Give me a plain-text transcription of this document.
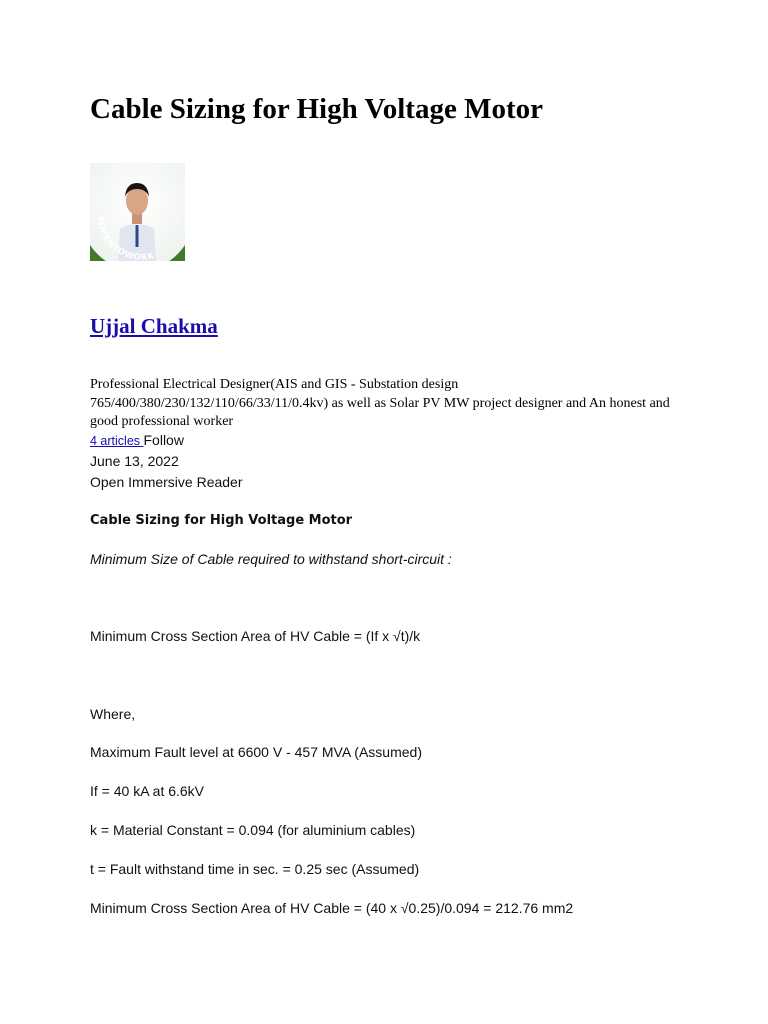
Cable Sizing for High Voltage Motor
#OPENTOWORK
Ujjal Chakma

Professional Electrical Designer(AIS and GIS - Substation design 765/400/380/230/132/110/66/33/11/0.4kv) as well as Solar PV MW project designer and An honest and good professional worker

4 articles Follow
June 13, 2022
Open Immersive Reader
Cable Sizing for High Voltage Motor

Minimum Size of Cable required to withstand short-circuit :

Minimum Cross Section Area of HV Cable = (If x √t)/k

Where,

Maximum Fault level at 6600 V - 457 MVA (Assumed)

If = 40 kA at 6.6kV

k = Material Constant = 0.094 (for aluminium cables)

t = Fault withstand time in sec. = 0.25 sec (Assumed)

Minimum Cross Section Area of HV Cable = (40 x √0.25)/0.094 = 212.76 mm2
